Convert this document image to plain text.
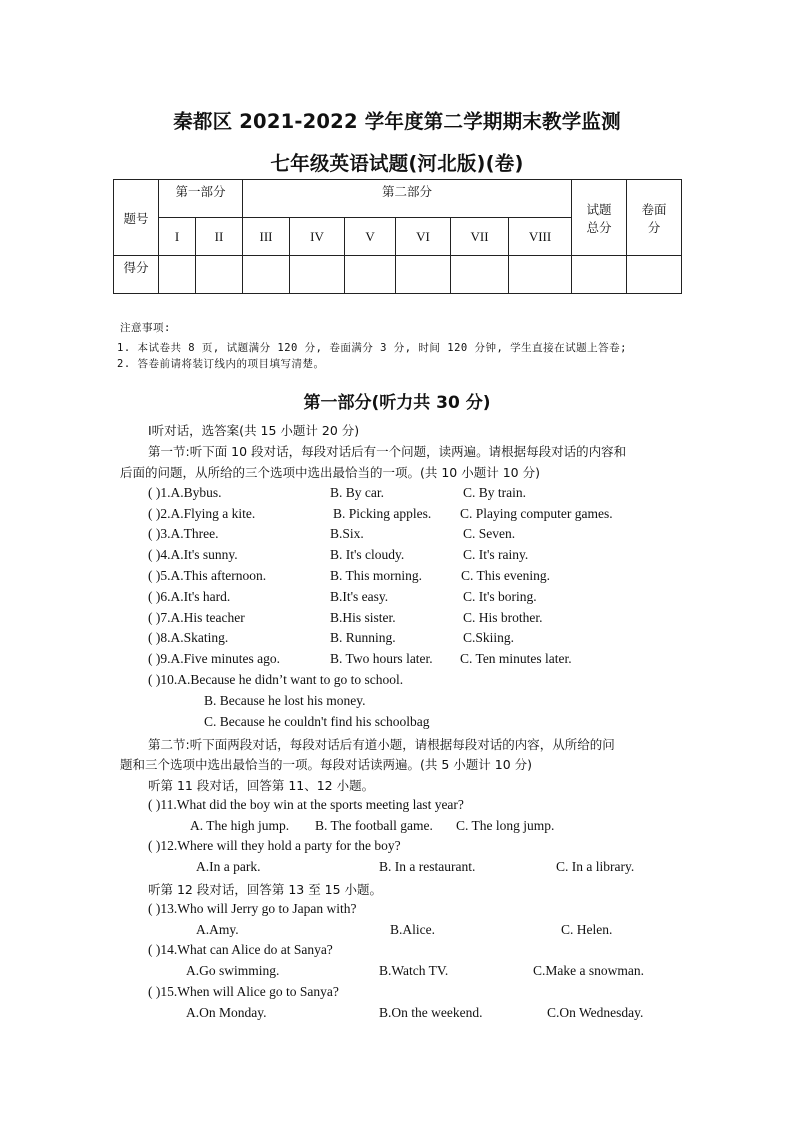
秦都区 2021-2022 学年度第二学期期末教学监测
七年级英语试题(河北版)(卷)
题号	第一部分		第二部分						试题总分	卷面分
	I	II	III	IV	V	VI	VII	VIII		
得分										
注意事项:
1. 本试卷共 8 页, 试题满分 120 分, 卷面满分 3 分, 时间 120 分钟, 学生直接在试题上答卷;
2. 答卷前请将装订线内的项目填写清楚。
第一部分(听力共 30 分)
I听对话，选答案(共 15 小题计 20 分)
第一节:听下面 10 段对话，每段对话后有一个问题，读两遍。请根据每段对话的内容和
后面的问题，从所给的三个选项中选出最恰当的一项。(共 10 小题计 10 分)
( )1.A.Bybus.	B. By car.	C. By train.
( )2.A.Flying a kite.	B. Picking apples. C. Playing computer games.
( )3.A.Three.	B.Six.	C. Seven.
( )4.A.It's sunny.	B. It's cloudy.	C. It's rainy.
( )5.A.This afternoon.	B. This morning.	C. This evening.
( )6.A.It's hard.	B.It's easy.	C. It's boring.
( )7.A.His teacher	B.His sister.	C. His brother.
( )8.A.Skating.	B. Running.	C.Skiing.
( )9.A.Five minutes ago.	B. Two hours later. C. Ten minutes later.
( )10.A.Because he didn’t want to go to school.
B. Because he lost his money.
C. Because he couldn't find his schoolbag
第二节:听下面两段对话，每段对话后有道小题，请根据每段对话的内容，从所给的问
题和三个选项中选出最恰当的一项。每段对话读两遍。(共 5 小题计 10 分)
听第 11 段对话，回答第 11、12 小题。
( )11.What did the boy win at the sports meeting last year?
A. The high jump. B. The football game. C. The long jump.
( )12.Where will they hold a party for the boy?
A.In a park.	B. In a restaurant.	C. In a library.
听第 12 段对话，回答第 13 至 15 小题。
( )13.Who will Jerry go to Japan with?
A.Amy.	B.Alice.	C. Helen.
( )14.What can Alice do at Sanya?
A.Go swimming.	B.Watch TV.	C.Make a snowman.
( )15.When will Alice go to Sanya?
A.On Monday.	B.On the weekend.	C.On Wednesday.
